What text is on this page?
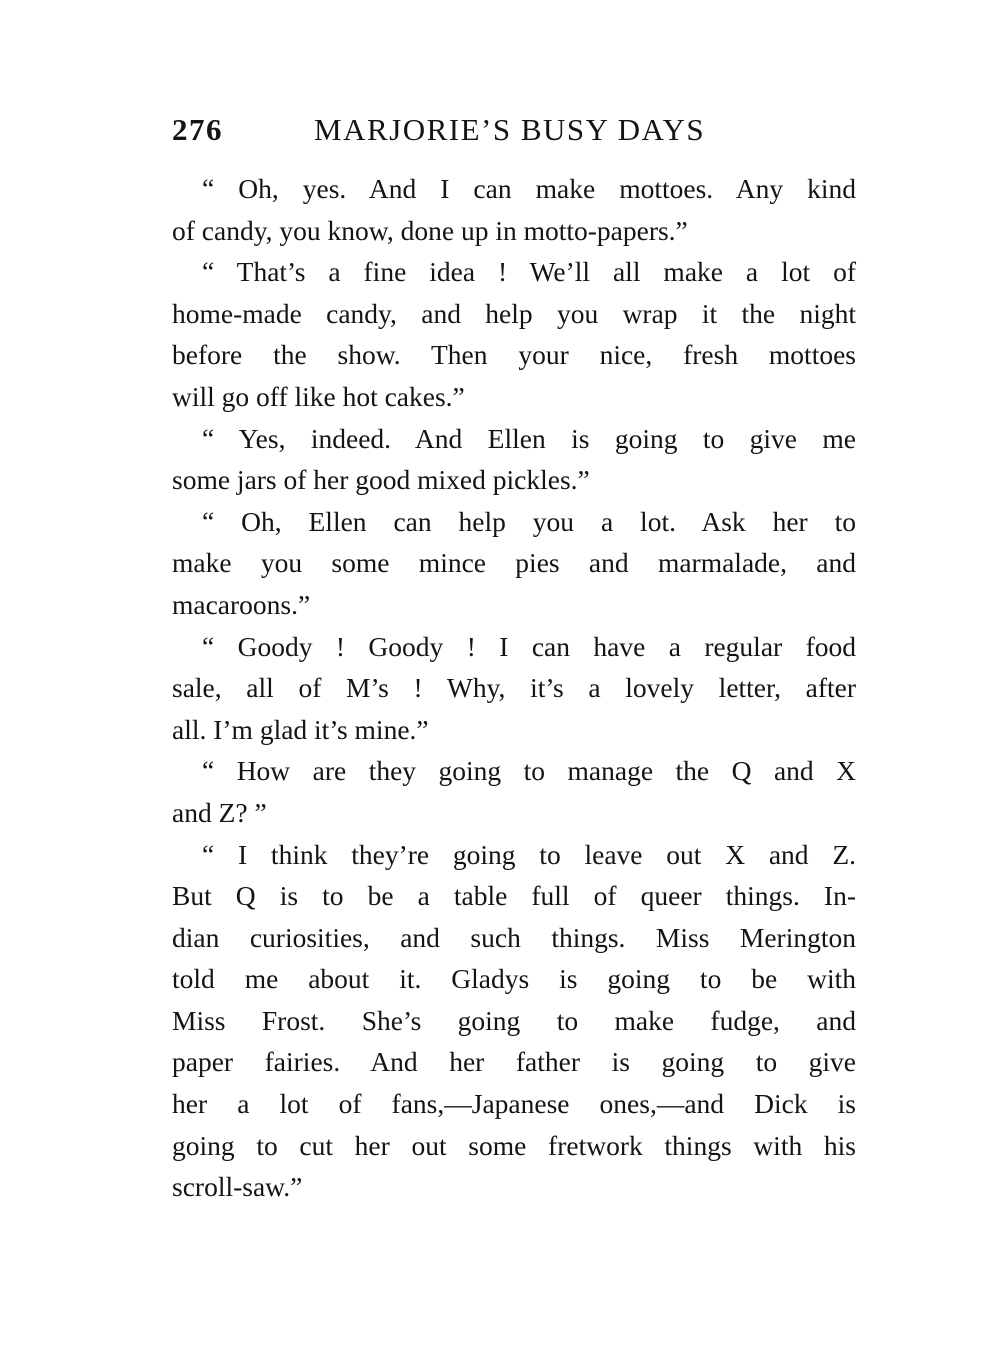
276	MARJORIE’S BUSY DAYS
“ Oh, yes. And I can make mottoes. Any kind
of candy, you know, done up in motto-papers.”
“ That’s a fine idea ! We’ll all make a lot of
home-made candy, and help you wrap it the night
before the show. Then your nice, fresh mottoes
will go off like hot cakes.”
“ Yes, indeed. And Ellen is going to give me
some jars of her good mixed pickles.”
“ Oh, Ellen can help you a lot. Ask her to
make you some mince pies and marmalade, and
macaroons.”
“ Goody ! Goody ! I can have a regular food
sale, all of M’s ! Why, it’s a lovely letter, after
all. I’m glad it’s mine.”
“ How are they going to manage the Q and X
and Z? ”
“ I think they’re going to leave out X and Z.
But Q is to be a table full of queer things. In-
dian curiosities, and such things. Miss Merington
told me about it. Gladys is going to be with
Miss Frost. She’s going to make fudge, and
paper fairies. And her father is going to give
her a lot of fans,—Japanese ones,—and Dick is
going to cut her out some fretwork things with his
scroll-saw.”
